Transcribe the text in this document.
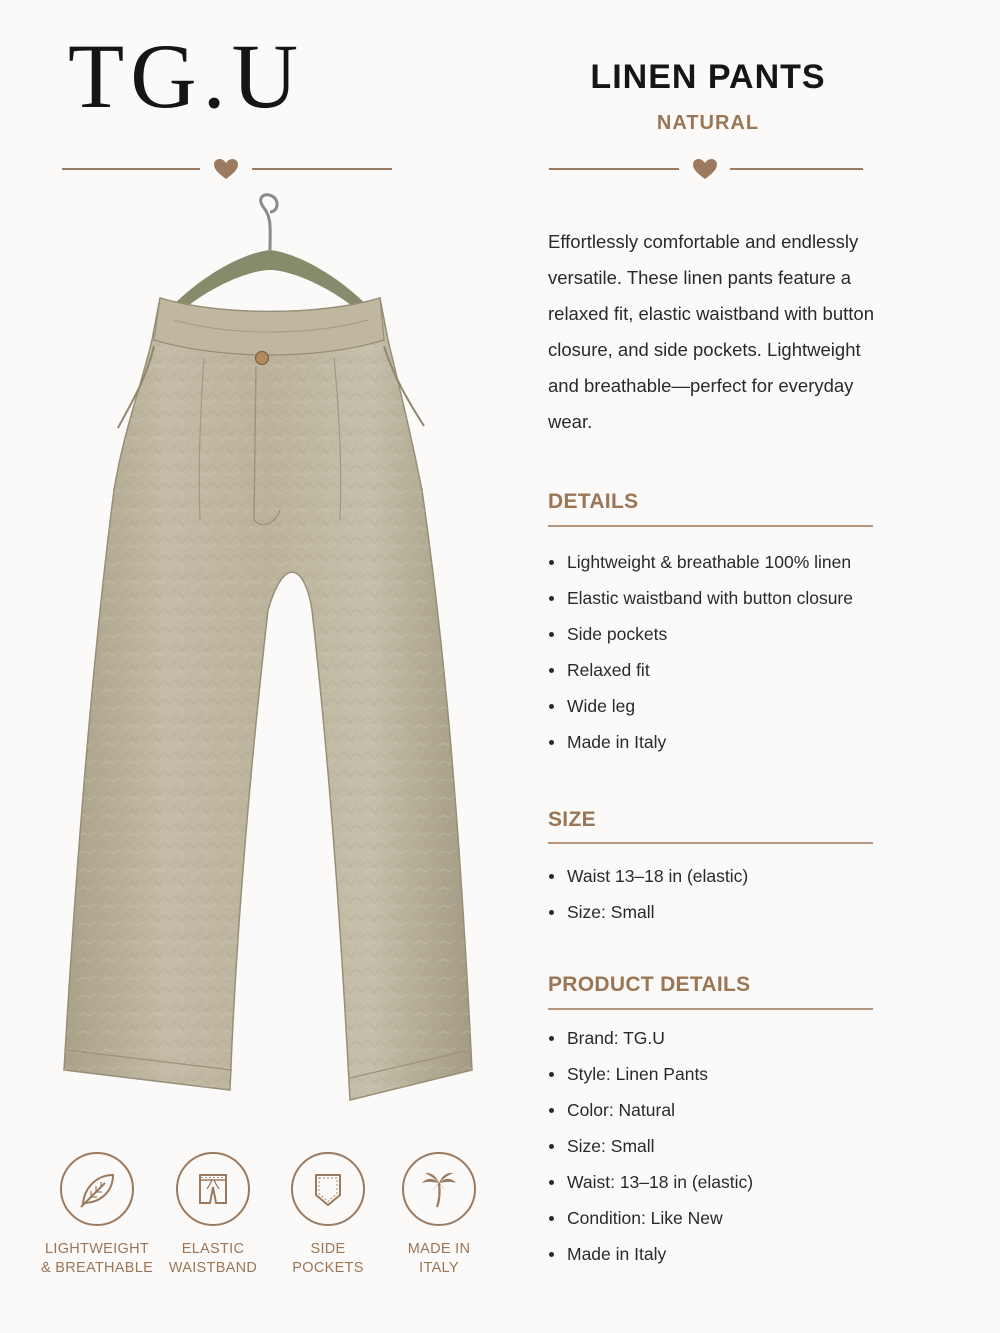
TG.U	LINEN PANTS
NATURAL
Effortlessly comfortable and endlessly versatile. These linen pants feature a relaxed fit, elastic waistband with button closure, and side pockets. Lightweight and breathable—perfect for everyday wear.
DETAILS
Lightweight & breathable 100% linen
Elastic waistband with button closure
Side pockets
Relaxed fit
Wide leg
Made in Italy
SIZE
Waist 13–18 in (elastic)
Size: Small
PRODUCT DETAILS
Brand: TG.U
Style: Linen Pants
Color: Natural
Size: Small
Waist: 13–18 in (elastic)
Condition: Like New
Made in Italy
LIGHTWEIGHT
& BREATHABLE
ELASTIC
WAISTBAND
SIDE
POCKETS
MADE IN
ITALY
